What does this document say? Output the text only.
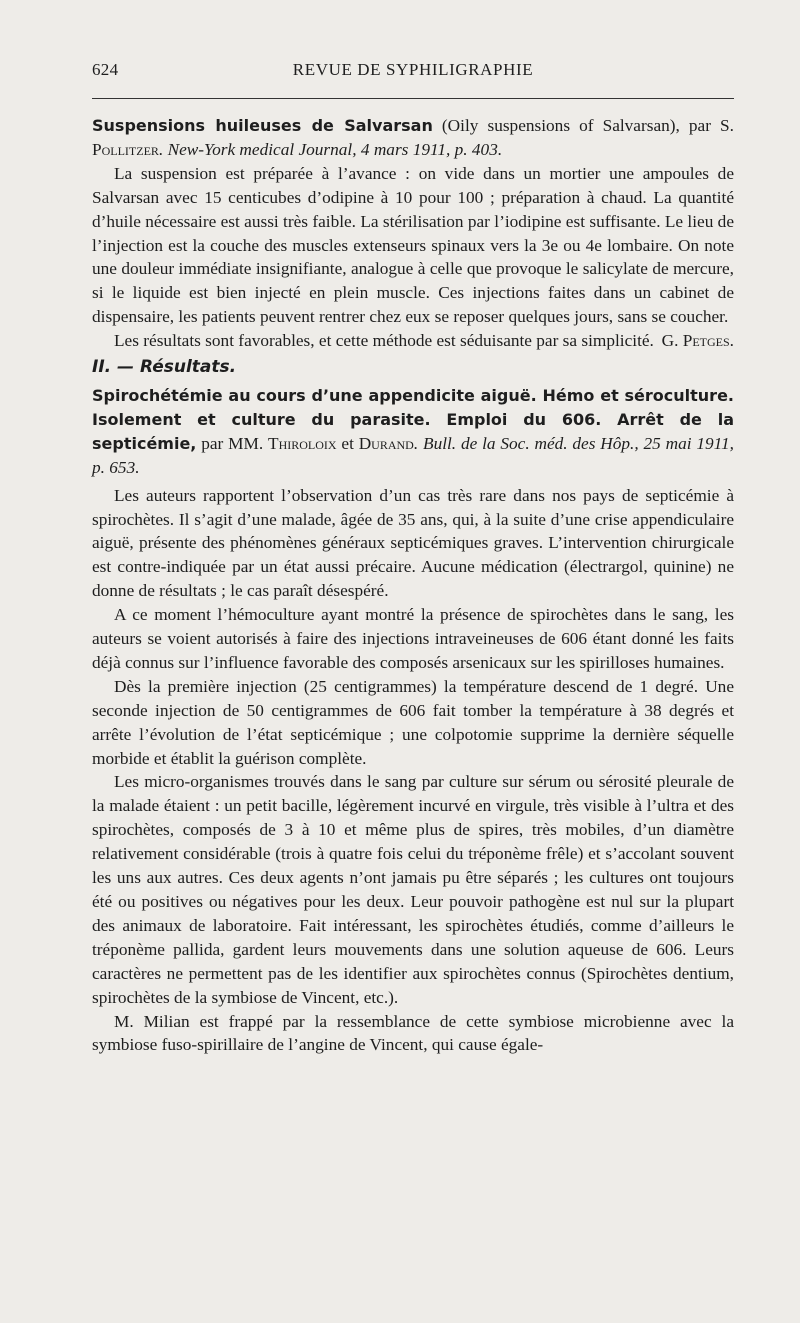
624	REVUE DE SYPHILIGRAPHIE

Suspensions huileuses de Salvarsan (Oily suspensions of Salvarsan), par S. Pollitzer. New-York medical Journal, 4 mars 1911, p. 403.

La suspension est préparée à l’avance : on vide dans un mortier une ampoules de Salvarsan avec 15 centicubes d’odipine à 10 pour 100 ; préparation à chaud. La quantité d’huile nécessaire est aussi très faible. La stérilisation par l’iodipine est suffisante. Le lieu de l’injection est la couche des muscles extenseurs spinaux vers la 3e ou 4e lombaire. On note une douleur immédiate insignifiante, analogue à celle que provoque le salicylate de mercure, si le liquide est bien injecté en plein muscle. Ces injections faites dans un cabinet de dispensaire, les patients peuvent rentrer chez eux se reposer quelques jours, sans se coucher.

Les résultats sont favorables, et cette méthode est séduisante par sa simplicité. G. Petges.
II. — Résultats.

Spirochétémie au cours d’une appendicite aiguë. Hémo et séroculture. Isolement et culture du parasite. Emploi du 606. Arrêt de la septicémie, par MM. Thiroloix et Durand. Bull. de la Soc. méd. des Hôp., 25 mai 1911, p. 653.

Les auteurs rapportent l’observation d’un cas très rare dans nos pays de septicémie à spirochètes. Il s’agit d’une malade, âgée de 35 ans, qui, à la suite d’une crise appendiculaire aiguë, présente des phénomènes généraux septicémiques graves. L’intervention chirurgicale est contre-indiquée par un état aussi précaire. Aucune médication (électrargol, quinine) ne donne de résultats ; le cas paraît désespéré.

A ce moment l’hémoculture ayant montré la présence de spirochètes dans le sang, les auteurs se voient autorisés à faire des injections intraveineuses de 606 étant donné les faits déjà connus sur l’influence favorable des composés arsenicaux sur les spirilloses humaines.

Dès la première injection (25 centigrammes) la température descend de 1 degré. Une seconde injection de 50 centigrammes de 606 fait tomber la température à 38 degrés et arrête l’évolution de l’état septicémique ; une colpotomie supprime la dernière séquelle morbide et établit la guérison complète.

Les micro-organismes trouvés dans le sang par culture sur sérum ou sérosité pleurale de la malade étaient : un petit bacille, légèrement incurvé en virgule, très visible à l’ultra et des spirochètes, composés de 3 à 10 et même plus de spires, très mobiles, d’un diamètre relativement considérable (trois à quatre fois celui du tréponème frêle) et s’accolant souvent les uns aux autres. Ces deux agents n’ont jamais pu être séparés ; les cultures ont toujours été ou positives ou négatives pour les deux. Leur pouvoir pathogène est nul sur la plupart des animaux de laboratoire. Fait intéressant, les spirochètes étudiés, comme d’ailleurs le tréponème pallida, gardent leurs mouvements dans une solution aqueuse de 606. Leurs caractères ne permettent pas de les identifier aux spirochètes connus (Spirochètes dentium, spirochètes de la symbiose de Vincent, etc.).

M. Milian est frappé par la ressemblance de cette symbiose microbienne avec la symbiose fuso-spirillaire de l’angine de Vincent, qui cause égale-
